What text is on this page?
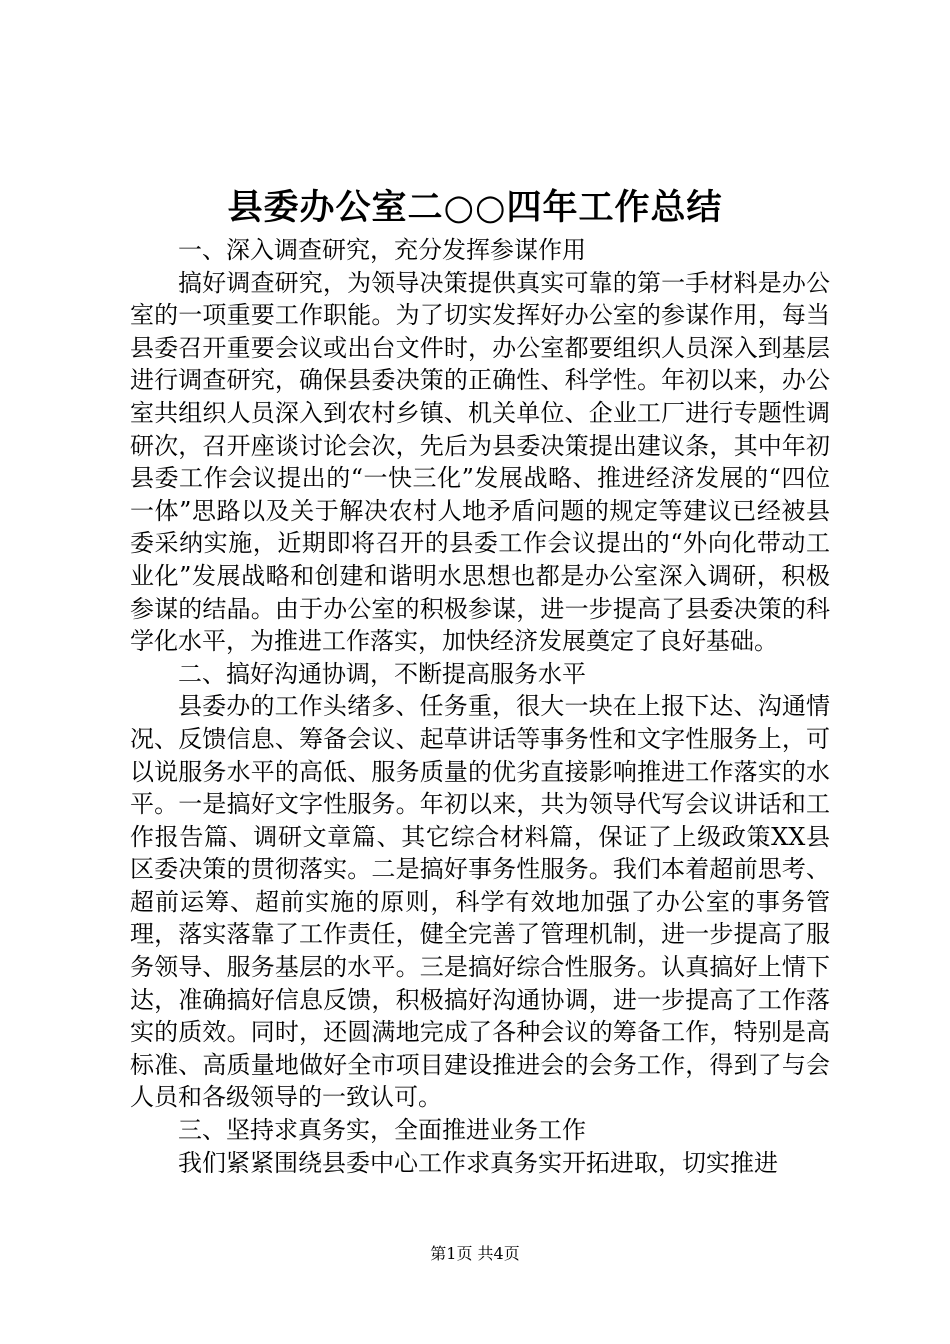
县委办公室二○○四年工作总结
一、深入调查研究，充分发挥参谋作用

搞好调查研究，为领导决策提供真实可靠的第一手材料是办公室的一项重要工作职能。为了切实发挥好办公室的参谋作用，每当县委召开重要会议或出台文件时，办公室都要组织人员深入到基层进行调查研究，确保县委决策的正确性、科学性。年初以来，办公室共组织人员深入到农村乡镇、机关单位、企业工厂进行专题性调研次，召开座谈讨论会次，先后为县委决策提出建议条，其中年初县委工作会议提出的“一快三化”发展战略、推进经济发展的“四位一体”思路以及关于解决农村人地矛盾问题的规定等建议已经被县委采纳实施，近期即将召开的县委工作会议提出的“外向化带动工业化”发展战略和创建和谐明水思想也都是办公室深入调研，积极参谋的结晶。由于办公室的积极参谋，进一步提高了县委决策的科学化水平，为推进工作落实，加快经济发展奠定了良好基础。

二、搞好沟通协调，不断提高服务水平

县委办的工作头绪多、任务重，很大一块在上报下达、沟通情况、反馈信息、筹备会议、起草讲话等事务性和文字性服务上，可以说服务水平的高低、服务质量的优劣直接影响推进工作落实的水平。一是搞好文字性服务。年初以来，共为领导代写会议讲话和工作报告篇、调研文章篇、其它综合材料篇，保证了上级政策XX县区委决策的贯彻落实。二是搞好事务性服务。我们本着超前思考、超前运筹、超前实施的原则，科学有效地加强了办公室的事务管理，落实落靠了工作责任，健全完善了管理机制，进一步提高了服务领导、服务基层的水平。三是搞好综合性服务。认真搞好上情下达，准确搞好信息反馈，积极搞好沟通协调，进一步提高了工作落实的质效。同时，还圆满地完成了各种会议的筹备工作，特别是高标准、高质量地做好全市项目建设推进会的会务工作，得到了与会人员和各级领导的一致认可。

三、坚持求真务实，全面推进业务工作

我们紧紧围绕县委中心工作求真务实开拓进取，切实推进

第1页 共4页
